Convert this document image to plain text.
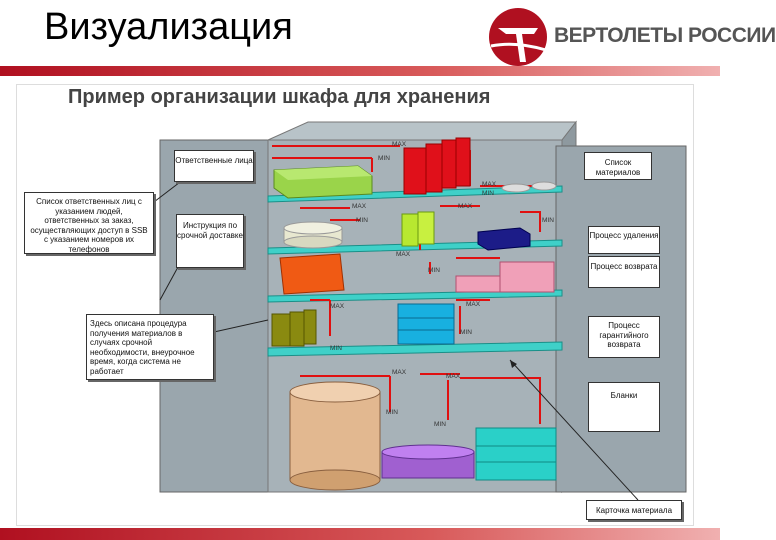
Визуализация	ВЕРТОЛЕТЫ РОССИИ
Пример организации шкафа для хранения
MAX
MIN
MAX
MIN
MAX
MIN
MAX
MIN
MAX
MIN
MAX	MAX
MIN
MIN
MAX
MAX
MIN
MIN
Ответственные лица
Список ответственных лиц с указанием людей, ответственных за заказ, осуществляющих доступ в SSB с указанием номеров их телефонов
Инструкция по срочной доставке
Здесь описана процедура получения материалов в случаях срочной необходимости, внеурочное время, когда система не работает
Список материалов
Процесс удаления
Процесс возврата
Процесс гарантийного возврата
Бланки
Карточка материала
